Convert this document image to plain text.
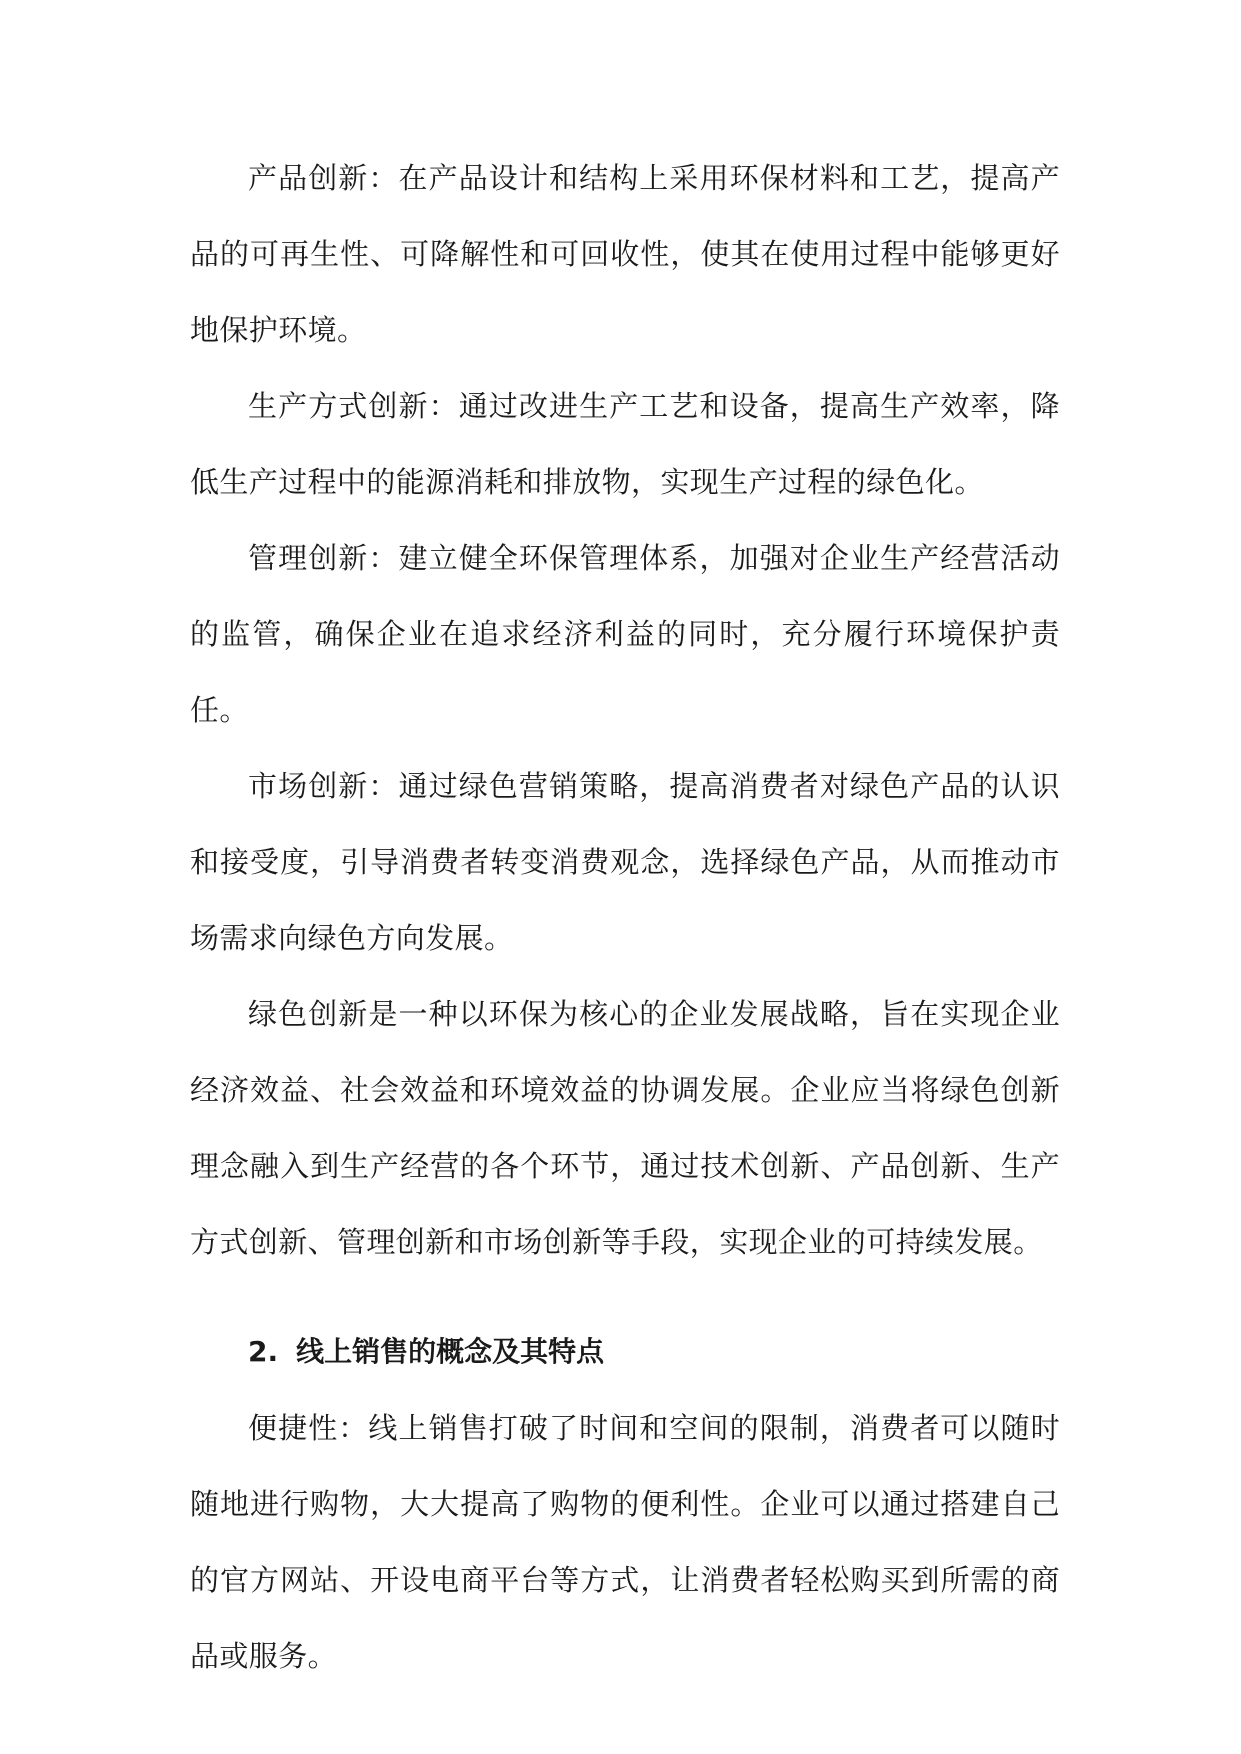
产品创新：在产品设计和结构上采用环保材料和工艺，提高产品的可再生性、可降解性和可回收性，使其在使用过程中能够更好地保护环境。

生产方式创新：通过改进生产工艺和设备，提高生产效率，降低生产过程中的能源消耗和排放物，实现生产过程的绿色化。

管理创新：建立健全环保管理体系，加强对企业生产经营活动的监管，确保企业在追求经济利益的同时，充分履行环境保护责任。

市场创新：通过绿色营销策略，提高消费者对绿色产品的认识和接受度，引导消费者转变消费观念，选择绿色产品，从而推动市场需求向绿色方向发展。

绿色创新是一种以环保为核心的企业发展战略，旨在实现企业经济效益、社会效益和环境效益的协调发展。企业应当将绿色创新理念融入到生产经营的各个环节，通过技术创新、产品创新、生产方式创新、管理创新和市场创新等手段，实现企业的可持续发展。

2. 线上销售的概念及其特点

便捷性：线上销售打破了时间和空间的限制，消费者可以随时随地进行购物，大大提高了购物的便利性。企业可以通过搭建自己的官方网站、开设电商平台等方式，让消费者轻松购买到所需的商品或服务。
